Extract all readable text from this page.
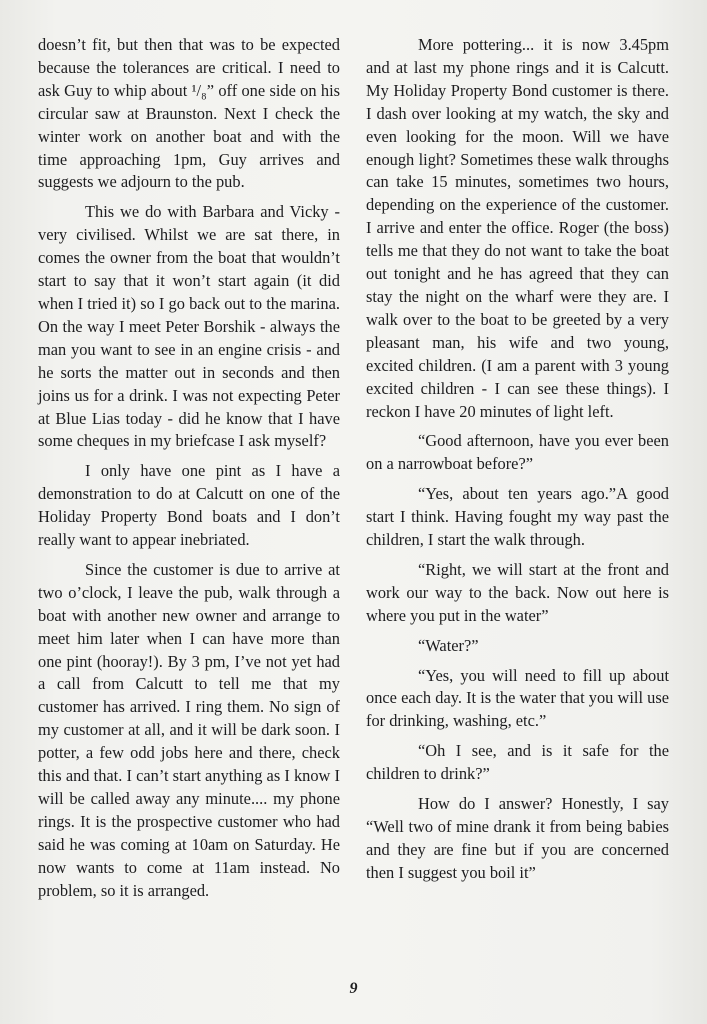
doesn’t fit, but then that was to be expected because the tolerances are critical. I need to ask Guy to whip about ¹/₈” off one side on his circular saw at Braunston. Next I check the winter work on another boat and with the time approaching 1pm, Guy arrives and suggests we adjourn to the pub.

This we do with Barbara and Vicky - very civilised. Whilst we are sat there, in comes the owner from the boat that wouldn’t start to say that it won’t start again (it did when I tried it) so I go back out to the marina. On the way I meet Peter Borshik - always the man you want to see in an engine crisis - and he sorts the matter out in seconds and then joins us for a drink. I was not expecting Peter at Blue Lias today - did he know that I have some cheques in my briefcase I ask myself?

I only have one pint as I have a demonstration to do at Calcutt on one of the Holiday Property Bond boats and I don’t really want to appear inebriated.

Since the customer is due to arrive at two o’clock, I leave the pub, walk through a boat with another new owner and arrange to meet him later when I can have more than one pint (hooray!). By 3 pm, I’ve not yet had a call from Calcutt to tell me that my customer has arrived. I ring them. No sign of my customer at all, and it will be dark soon. I potter, a few odd jobs here and there, check this and that. I can’t start anything as I know I will be called away any minute.... my phone rings. It is the prospective customer who had said he was coming at 10am on Saturday. He now wants to come at 11am instead. No problem, so it is arranged.

More pottering... it is now 3.45pm and at last my phone rings and it is Calcutt. My Holiday Property Bond customer is there. I dash over looking at my watch, the sky and even looking for the moon. Will we have enough light? Sometimes these walk throughs can take 15 minutes, sometimes two hours, depending on the experience of the customer. I arrive and enter the office. Roger (the boss) tells me that they do not want to take the boat out tonight and he has agreed that they can stay the night on the wharf were they are. I walk over to the boat to be greeted by a very pleasant man, his wife and two young, excited children. (I am a parent with 3 young excited children - I can see these things). I reckon I have 20 minutes of light left.

“Good afternoon, have you ever been on a narrowboat before?”

“Yes, about ten years ago.”A good start I think. Having fought my way past the children, I start the walk through.

“Right, we will start at the front and work our way to the back. Now out here is where you put in the water”

“Water?”

“Yes, you will need to fill up about once each day. It is the water that you will use for drinking, washing, etc.”

“Oh I see, and is it safe for the children to drink?”

How do I answer? Honestly, I say “Well two of mine drank it from being babies and they are fine but if you are concerned then I suggest you boil it”

9
